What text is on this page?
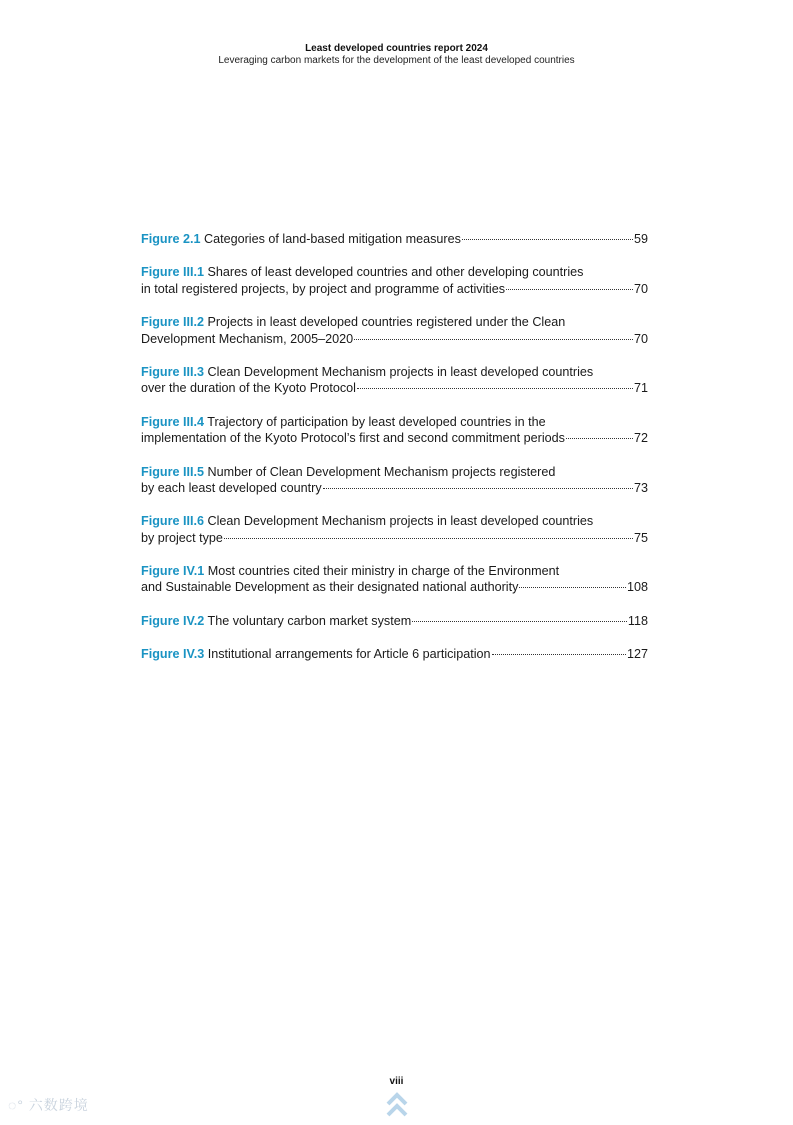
Least developed countries report 2024
Leveraging carbon markets for the development of the least developed countries
Figure 2.1 Categories of land-based mitigation measures	59
Figure III.1 Shares of least developed countries and other developing countries
in total registered projects, by project and programme of activities	70
Figure III.2 Projects in least developed countries registered under the Clean
Development Mechanism, 2005–2020	70
Figure III.3 Clean Development Mechanism projects in least developed countries
over the duration of the Kyoto Protocol	71
Figure III.4 Trajectory of participation by least developed countries in the
implementation of the Kyoto Protocol’s first and second commitment periods	72
Figure III.5 Number of Clean Development Mechanism projects registered
by each least developed country	73
Figure III.6 Clean Development Mechanism projects in least developed countries
by project type	75
Figure IV.1 Most countries cited their ministry in charge of the Environment
and Sustainable Development as their designated national authority	108
Figure IV.2 The voluntary carbon market system	118
Figure IV.3 Institutional arrangements for Article 6 participation	127
viii
◌° 六数跨境
